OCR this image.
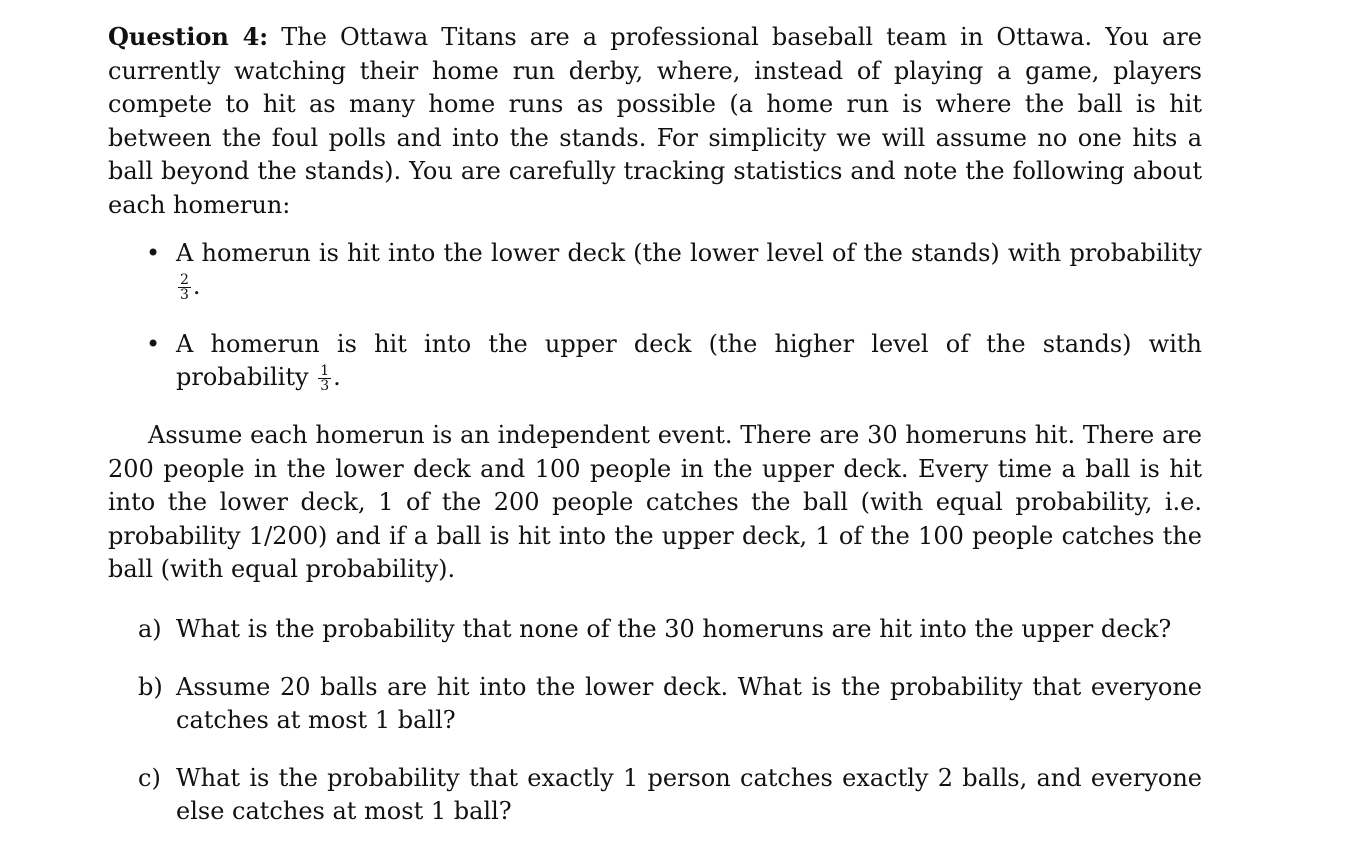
Question 4: The Ottawa Titans are a professional baseball team in Ottawa. You are currently watching their home run derby, where, instead of playing a game, players compete to hit as many home runs as possible (a home run is where the ball is hit between the foul polls and into the stands. For simplicity we will assume no one hits a ball beyond the stands). You are carefully tracking statistics and note the following about each homerun:

• A homerun is hit into the lower deck (the lower level of the stands) with probability
$\frac{2}{3}$ .
• A homerun is hit into the upper deck (the higher level of the stands) with probability $\frac{1}{3}$ .

Assume each homerun is an independent event. There are 30 homeruns hit. There are 200 people in the lower deck and 100 people in the upper deck. Every time a ball is hit into the lower deck, 1 of the 200 people catches the ball (with equal probability, i.e. probability 1/200) and if a ball is hit into the upper deck, 1 of the 100 people catches the ball (with equal probability).

a) What is the probability that none of the 30 homeruns are hit into the upper deck?
b) Assume 20 balls are hit into the lower deck. What is the probability that everyone catches at most 1 ball?
c) What is the probability that exactly 1 person catches exactly 2 balls, and everyone else catches at most 1 ball?
